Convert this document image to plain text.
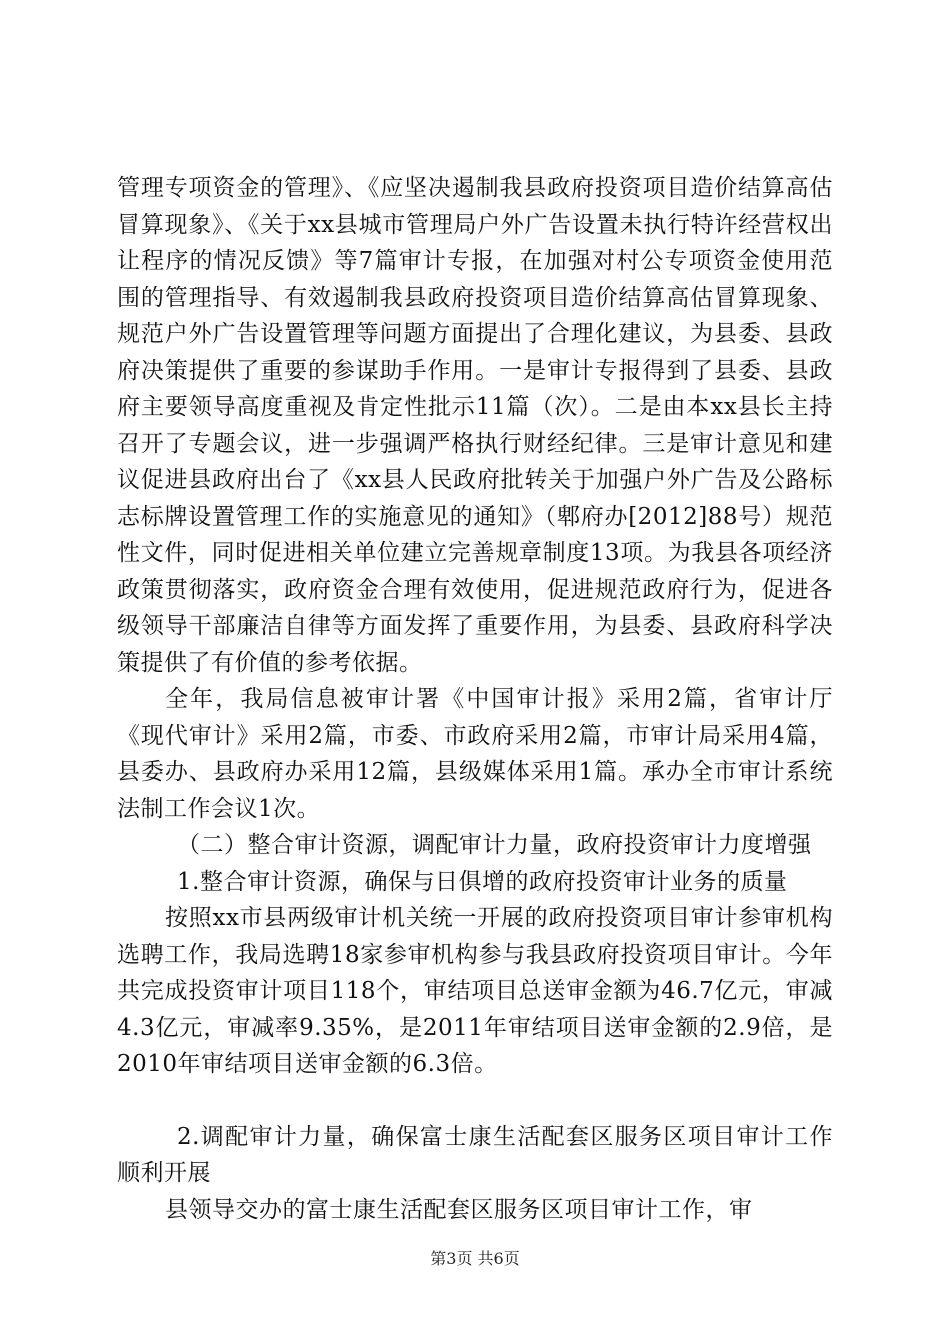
管理专项资金的管理》、《应坚决遏制我县政府投资项目造价结算高估冒算现象》、《关于xx县城市管理局户外广告设置未执行特许经营权出让程序的情况反馈》等7篇审计专报，在加强对村公专项资金使用范围的管理指导、有效遏制我县政府投资项目造价结算高估冒算现象、规范户外广告设置管理等问题方面提出了合理化建议，为县委、县政府决策提供了重要的参谋助手作用。一是审计专报得到了县委、县政府主要领导高度重视及肯定性批示11篇（次）。二是由本xx县长主持召开了专题会议，进一步强调严格执行财经纪律。三是审计意见和建议促进县政府出台了《xx县人民政府批转关于加强户外广告及公路标志标牌设置管理工作的实施意见的通知》（郫府办[2012]88号）规范性文件，同时促进相关单位建立完善规章制度13项。为我县各项经济政策贯彻落实，政府资金合理有效使用，促进规范政府行为，促进各级领导干部廉洁自律等方面发挥了重要作用，为县委、县政府科学决策提供了有价值的参考依据。

全年，我局信息被审计署《中国审计报》采用2篇，省审计厅《现代审计》采用2篇，市委、市政府采用2篇，市审计局采用4篇，县委办、县政府办采用12篇，县级媒体采用1篇。承办全市审计系统法制工作会议1次。

（二）整合审计资源，调配审计力量，政府投资审计力度增强

1.整合审计资源，确保与日俱增的政府投资审计业务的质量

按照xx市县两级审计机关统一开展的政府投资项目审计参审机构选聘工作，我局选聘18家参审机构参与我县政府投资项目审计。今年共完成投资审计项目118个，审结项目总送审金额为46.7亿元，审减4.3亿元，审减率9.35%，是2011年审结项目送审金额的2.9倍，是2010年审结项目送审金额的6.3倍。

2.调配审计力量，确保富士康生活配套区服务区项目审计工作顺利开展

县领导交办的富士康生活配套区服务区项目审计工作，审

第3页 共6页
